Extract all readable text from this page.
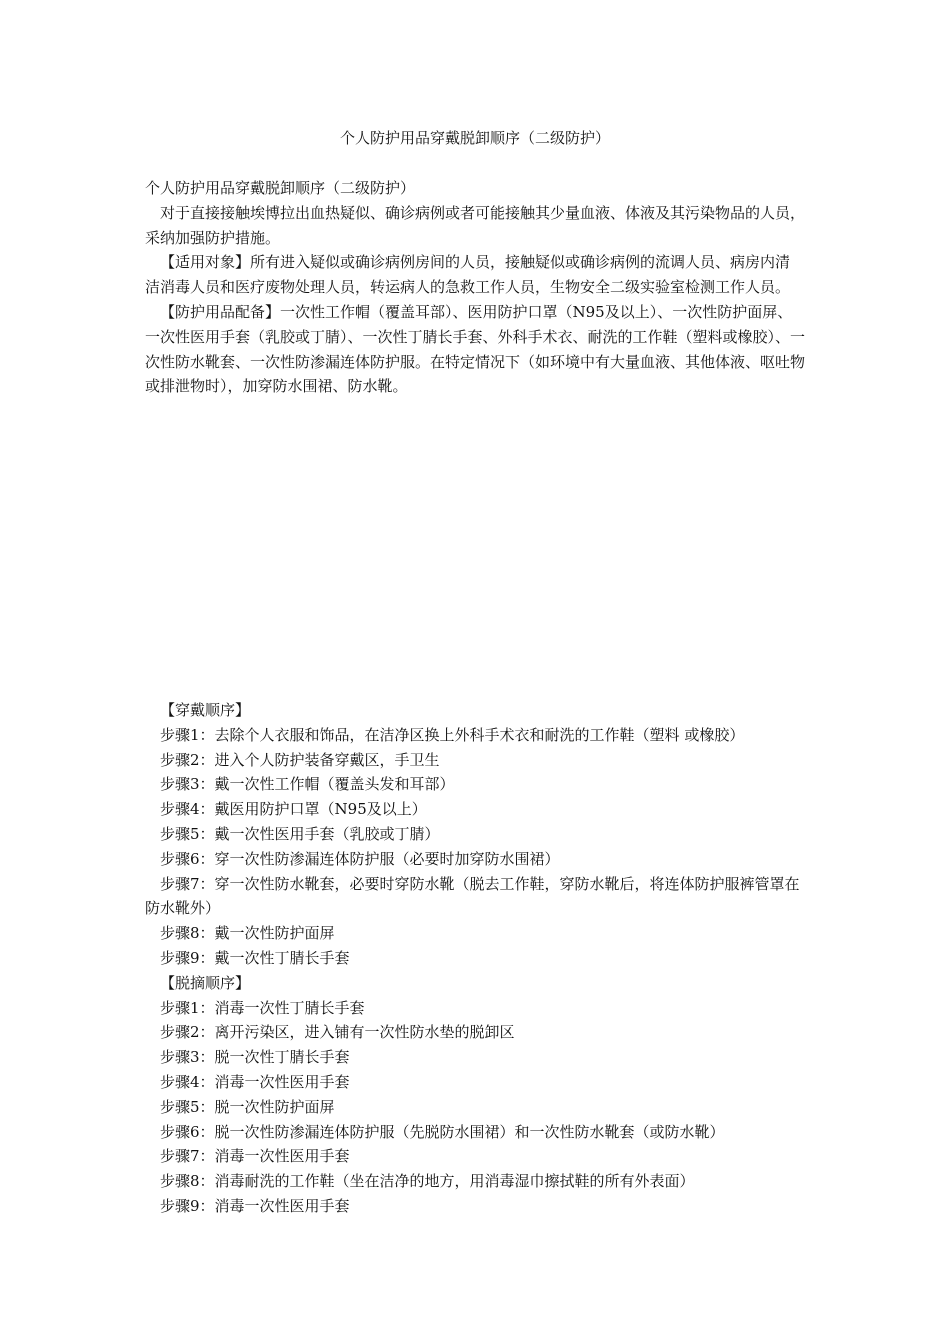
个人防护用品穿戴脱卸顺序（二级防护）

个人防护用品穿戴脱卸顺序（二级防护）

对于直接接触埃博拉出血热疑似、确诊病例或者可能接触其少量血液、体液及其污染物品的人员，采纳加强防护措施。

【适用对象】所有进入疑似或确诊病例房间的人员，接触疑似或确诊病例的流调人员、病房内清洁消毒人员和医疗废物处理人员，转运病人的急救工作人员，生物安全二级实验室检测工作人员。

【防护用品配备】一次性工作帽（覆盖耳部）、医用防护口罩（N95及以上）、一次性防护面屏、一次性医用手套（乳胶或丁腈）、一次性丁腈长手套、外科手术衣、耐洗的工作鞋（塑料或橡胶）、一次性防水靴套、一次性防渗漏连体防护服。在特定情况下（如环境中有大量血液、其他体液、呕吐物或排泄物时），加穿防水围裙、防水靴。

【穿戴顺序】

步骤1：去除个人衣服和饰品，在洁净区换上外科手术衣和耐洗的工作鞋（塑料 或橡胶）

步骤2：进入个人防护装备穿戴区，手卫生

步骤3：戴一次性工作帽（覆盖头发和耳部）

步骤4：戴医用防护口罩（N95及以上）

步骤5：戴一次性医用手套（乳胶或丁腈）

步骤6：穿一次性防渗漏连体防护服（必要时加穿防水围裙）

步骤7：穿一次性防水靴套，必要时穿防水靴（脱去工作鞋，穿防水靴后，将连体防护服裤管罩在防水靴外）

步骤8：戴一次性防护面屏

步骤9：戴一次性丁腈长手套

【脱摘顺序】

步骤1：消毒一次性丁腈长手套

步骤2：离开污染区，进入铺有一次性防水垫的脱卸区

步骤3：脱一次性丁腈长手套

步骤4：消毒一次性医用手套

步骤5：脱一次性防护面屏

步骤6：脱一次性防渗漏连体防护服（先脱防水围裙）和一次性防水靴套（或防水靴）

步骤7：消毒一次性医用手套

步骤8：消毒耐洗的工作鞋（坐在洁净的地方，用消毒湿巾擦拭鞋的所有外表面）

步骤9：消毒一次性医用手套
